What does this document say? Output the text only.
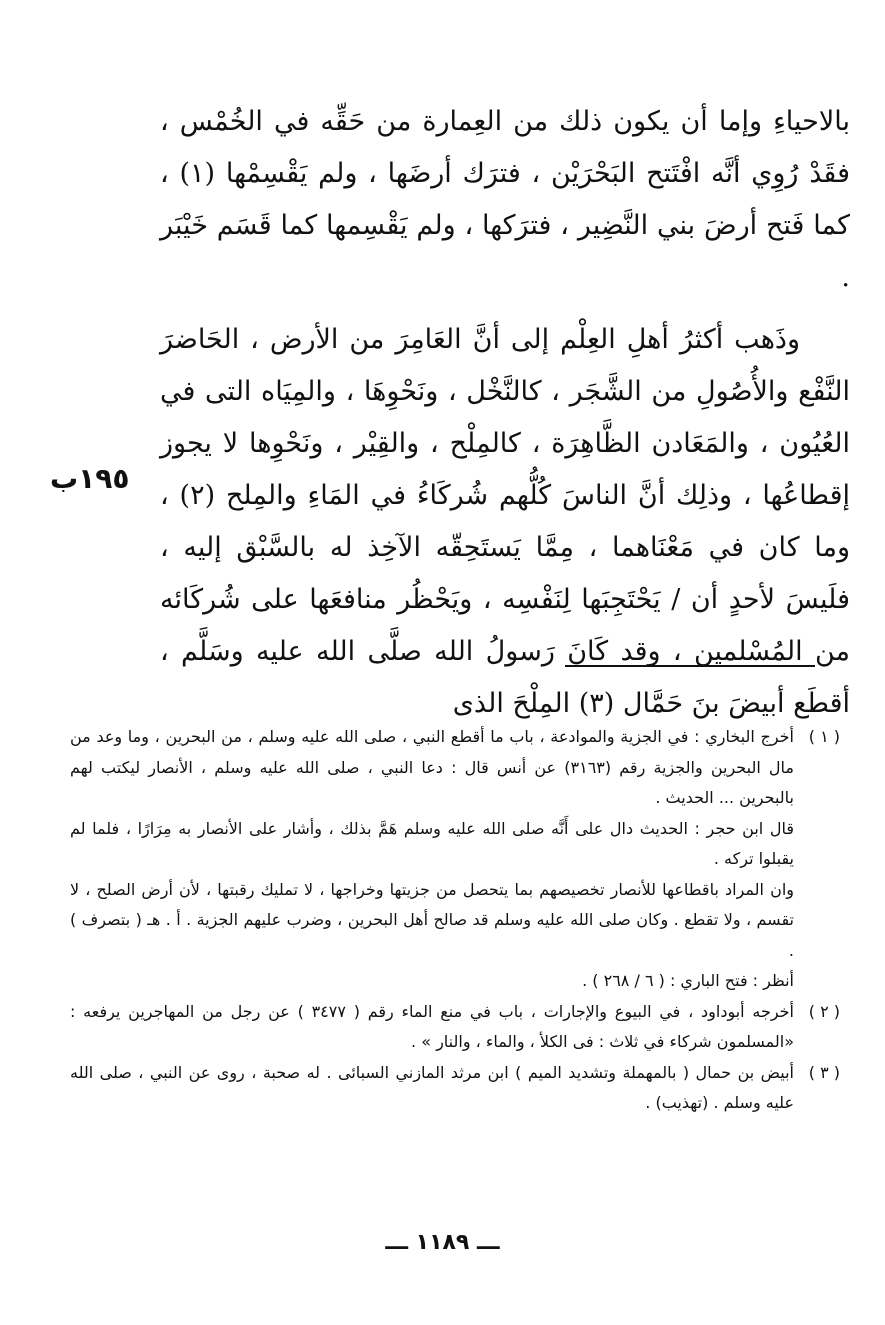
بالاحياءِ وإما أن يكون ذلك من العِمارة من حَقِّه في الخُمْس ، فقَدْ رُوِي أنَّه افْتَتح البَحْرَيْن ، فترَك أرضَها ، ولم يَقْسِمْها (١) ، كما فَتح أرضَ بني النَّضِير ، فترَكها ، ولم يَقْسِمها كما قَسَم خَيْبَر .

وذَهب أكثرُ أهلِ العِلْم إلى أنَّ العَامِرَ من الأرض ، الحَاضرَ النَّفْع والأُصُولِ من الشَّجَر ، كالنَّخْل ، ونَحْوِهَا ، والمِيَاه التى في العُيُون ، والمَعَادن الظَّاهِرَة ، كالمِلْح ، والقِيْر ، ونَحْوِها لا يجوز إقطاعُها ، وذلِك أنَّ الناسَ كُلُّهم شُركَاءُ في المَاءِ والمِلح (٢) ، وما كان في مَعْنَاهما ، مِمَّا يَستَحِقّه الآخِذ له بالسَّبْق إليه ، فلَيسَ لأحدٍ أن / يَحْتَجِبَها لِنَفْسِه ، ويَحْظُر منافعَها على شُركَائه من المُسْلمين ، وقد كَانَ رَسولُ الله صلَّى الله عليه وسَلَّم ، أقطَع أبيضَ بنَ حَمَّال (٣) المِلْحَ الذى

١٩٥ب
( ١ )
أخرج البخاري : في الجزية والموادعة ، باب ما أقطع النبي ، صلى الله عليه وسلم ، من البحرين ، وما وعد من مال البحرين والجزية رقم (٣١٦٣) عن أنس قال : دعا النبي ، صلى الله عليه وسلم ، الأنصار ليكتب لهم بالبحرين ... الحديث .
قال ابن حجر : الحديث دال على أَنَّه صلى الله عليه وسلم هَمَّ بذلك ، وأشار على الأنصار به مِرَارًا ، فلما لم يقبلوا تركه .
وان المراد باقطاعها للأنصار تخصيصهم بما يتحصل من جزيتها وخراجها ، لا تمليك رقبتها ، لأن أرض الصلح ، لا تقسم ، ولا تقطع . وكان صلى الله عليه وسلم قد صالح أهل البحرين ، وضرب عليهم الجزية . أ . هـ ( بتصرف ) .
أنظر : فتح الباري : ( ٦ / ٢٦٨ ) .
( ٢ )
أخرجه أبوداود ، في البيوع والإجارات ، باب في منع الماء رقم ( ٣٤٧٧ ) عن رجل من المهاجرين يرفعه : «المسلمون شركاء في ثلاث : فى الكلأ ، والماء ، والنار » .
( ٣ )
أبيض بن حمال ( بالمهملة وتشديد الميم ) ابن مرثد المازني السبائى . له صحبة ، روى عن النبي ، صلى الله عليه وسلم . (تهذيب) .
ـــ ١١٨٩ ـــ
